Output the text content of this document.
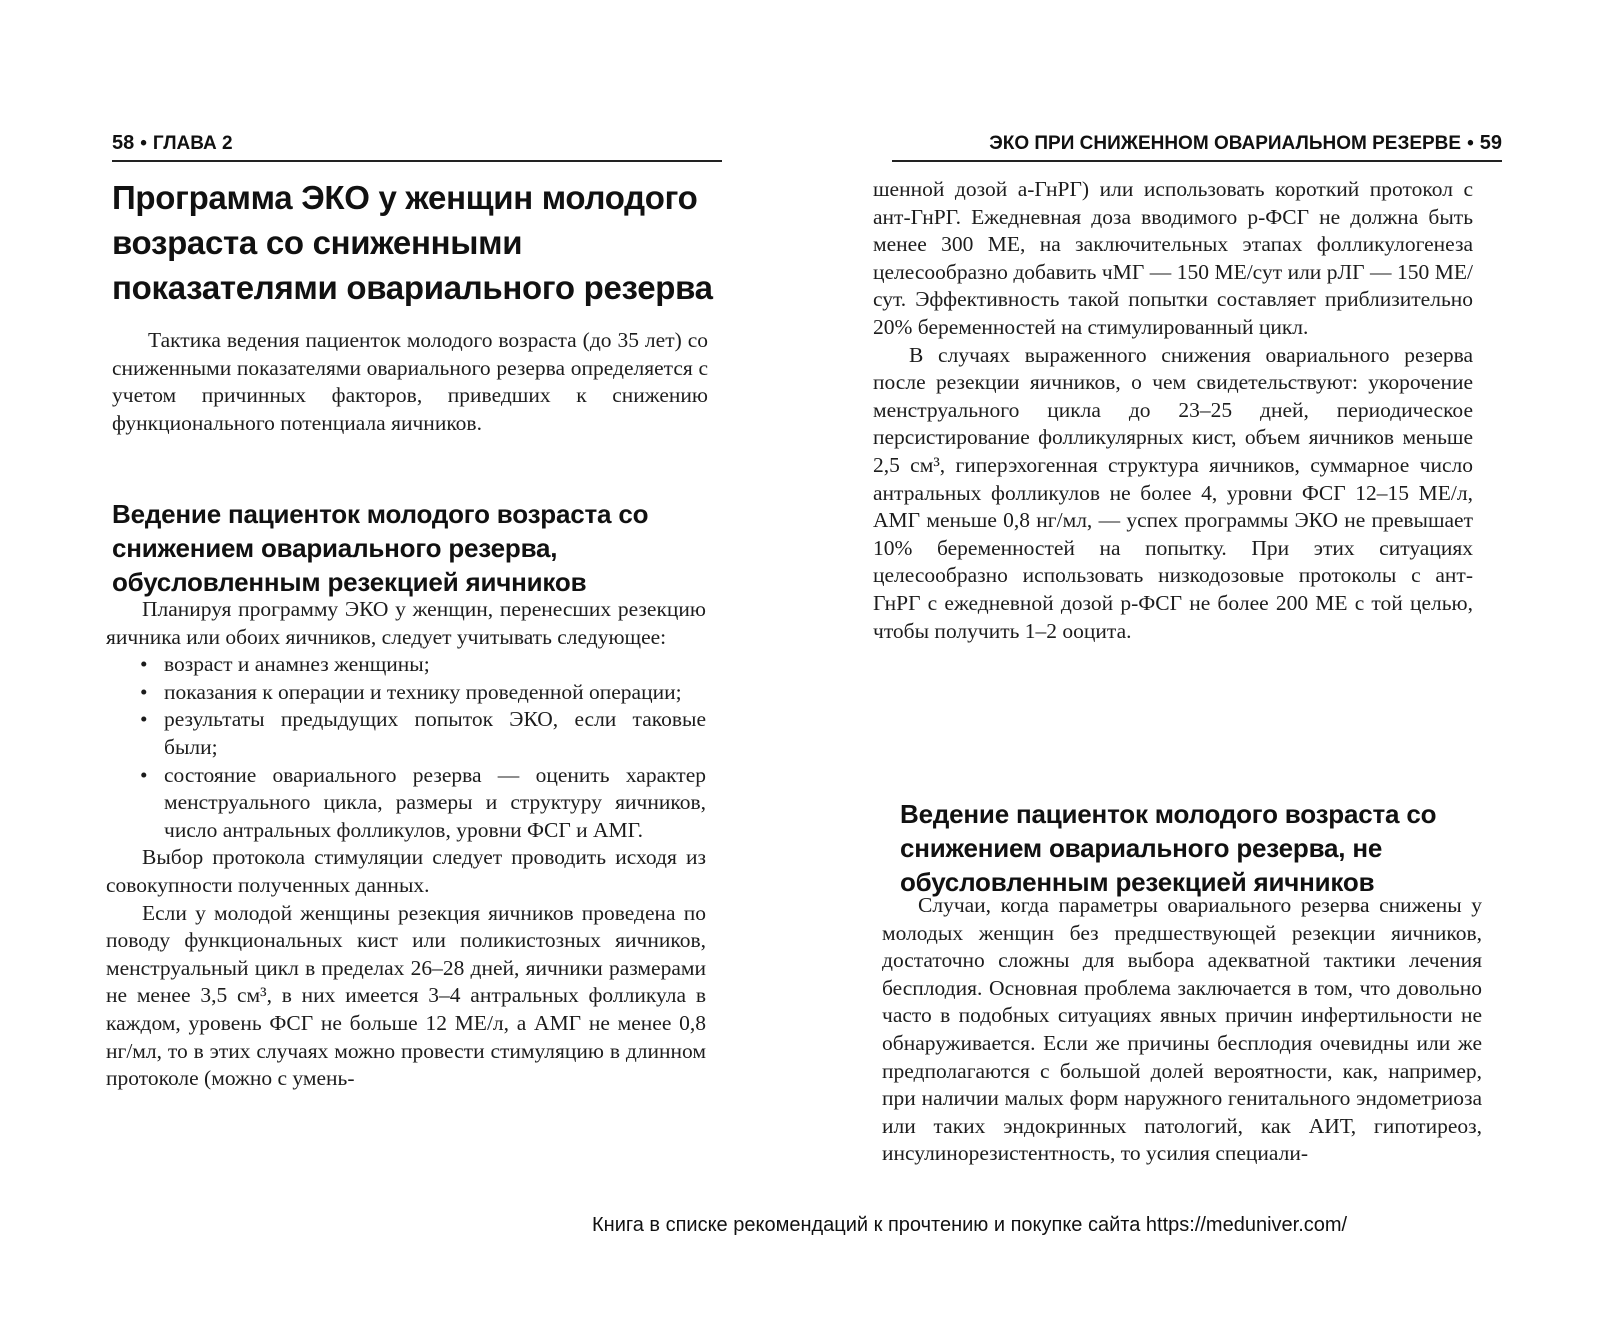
58 • ГЛАВА 2
Программа ЭКО у женщин молодого возраста со сниженными показателями овариального резерва

Тактика ведения пациенток молодого возраста (до 35 лет) со сниженными показателями овариального резерва определяется с учетом причинных факторов, приведших к снижению функционального потенциала яичников.

Ведение пациенток молодого возраста со снижением овариального резерва, обусловленным резекцией яичников

Планируя программу ЭКО у женщин, перенесших резекцию яичника или обоих яичников, следует учитывать следующее:

• возраст и анамнез женщины;
• показания к операции и технику проведенной операции;
• результаты предыдущих попыток ЭКО, если таковые были;
• состояние овариального резерва — оценить характер менструального цикла, размеры и структуру яичников, число антральных фолликулов, уровни ФСГ и АМГ.

Выбор протокола стимуляции следует проводить исходя из совокупности полученных данных.

Если у молодой женщины резекция яичников проведена по поводу функциональных кист или поликистозных яичников, менструальный цикл в пределах 26–28 дней, яичники размерами не менее 3,5 см³, в них имеется 3–4 антральных фолликула в каждом, уровень ФСГ не больше 12 МЕ/л, а АМГ не менее 0,8 нг/мл, то в этих случаях можно провести стимуляцию в длинном протоколе (можно с умень-

ЭКО ПРИ СНИЖЕННОМ ОВАРИАЛЬНОМ РЕЗЕРВЕ • 59

шенной дозой а-ГнРГ) или использовать короткий протокол с ант-ГнРГ. Ежедневная доза вводимого р-ФСГ не должна быть менее 300 МЕ, на заключительных этапах фолликулогенеза целесообразно добавить чМГ — 150 МЕ/сут или рЛГ — 150 МЕ/сут. Эффективность такой попытки составляет приблизительно 20% беременностей на стимулированный цикл.

В случаях выраженного снижения овариального резерва после резекции яичников, о чем свидетельствуют: укорочение менструального цикла до 23–25 дней, периодическое персистирование фолликулярных кист, объем яичников меньше 2,5 см³, гиперэхогенная структура яичников, суммарное число антральных фолликулов не более 4, уровни ФСГ 12–15 МЕ/л, АМГ меньше 0,8 нг/мл, — успех программы ЭКО не превышает 10% беременностей на попытку. При этих ситуациях целесообразно использовать низкодозовые протоколы с ант-ГнРГ с ежедневной дозой р-ФСГ не более 200 МЕ с той целью, чтобы получить 1–2 ооцита.

Ведение пациенток молодого возраста со снижением овариального резерва, не обусловленным резекцией яичников

Случаи, когда параметры овариального резерва снижены у молодых женщин без предшествующей резекции яичников, достаточно сложны для выбора адекватной тактики лечения бесплодия. Основная проблема заключается в том, что довольно часто в подобных ситуациях явных причин инфертильности не обнаруживается. Если же причины бесплодия очевидны или же предполагаются с большой долей вероятности, как, например, при наличии малых форм наружного генитального эндометриоза или таких эндокринных патологий, как АИТ, гипотиреоз, инсулинорезистентность, то усилия специали-

Книга в списке рекомендаций к прочтению и покупке сайта https://meduniver.com/
